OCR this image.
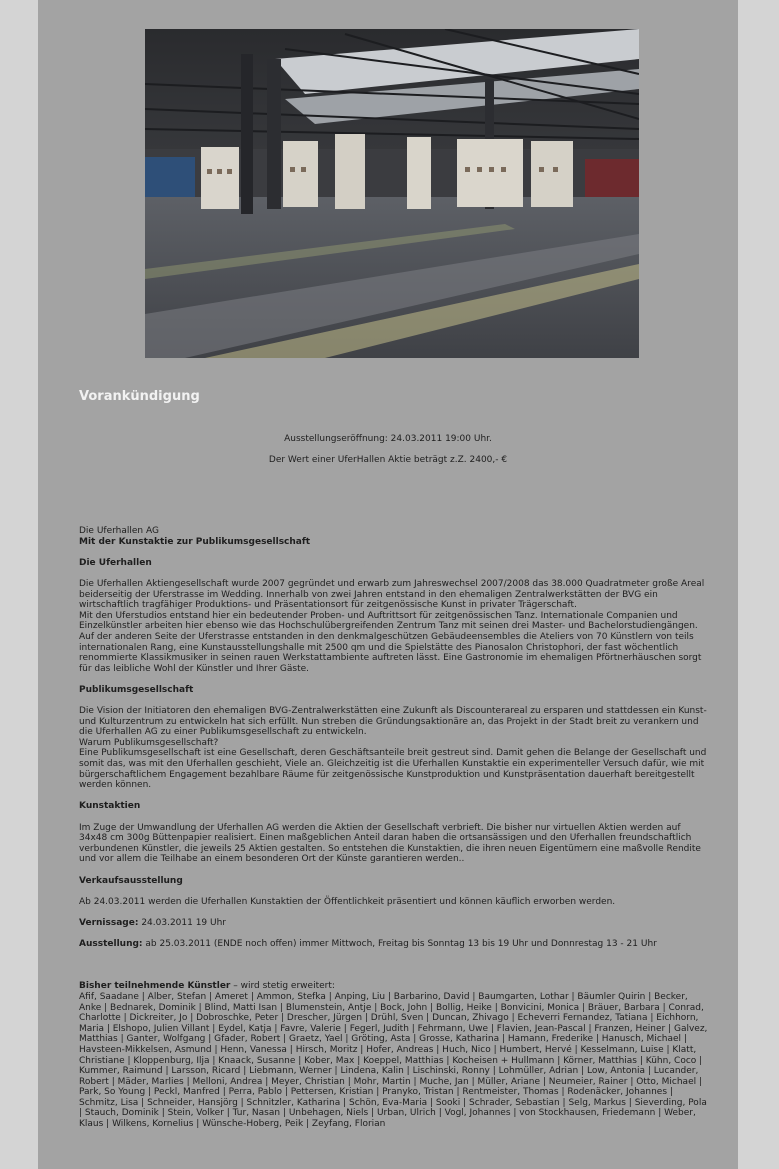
Vorankündigung

Ausstellungseröffnung: 24.03.2011 19:00 Uhr.

Der Wert einer UferHallen Aktie beträgt z.Z. 2400,- €

Die Uferhallen AG

Mit der Kunstaktie zur Publikumsgesellschaft

Die Uferhallen

Die Uferhallen Aktiengesellschaft wurde 2007 gegründet und erwarb zum Jahreswechsel 2007/2008 das 38.000 Quadratmeter große Areal beiderseitig der Uferstrasse im Wedding. Innerhalb von zwei Jahren entstand in den ehemaligen Zentralwerkstätten der BVG ein wirtschaftlich tragfähiger Produktions- und Präsentationsort für zeitgenössische Kunst in privater Trägerschaft.

Mit den Uferstudios entstand hier ein bedeutender Proben- und Auftrittsort für zeitgenössischen Tanz. Internationale Companien und Einzelkünstler arbeiten hier ebenso wie das Hochschulübergreifenden Zentrum Tanz mit seinen drei Master- und Bachelorstudiengängen.

Auf der anderen Seite der Uferstrasse entstanden in den denkmalgeschützen Gebäudeensembles die Ateliers von 70 Künstlern von teils internationalen Rang, eine Kunstausstellungshalle mit 2500 qm und die Spielstätte des Pianosalon Christophori, der fast wöchentlich renommierte Klassikmusiker in seinen rauen Werkstattambiente auftreten lässt. Eine Gastronomie im ehemaligen Pförtnerhäuschen sorgt für das leibliche Wohl der Künstler und Ihrer Gäste.

Publikumsgesellschaft

Die Vision der Initiatoren den ehemaligen BVG-Zentralwerkstätten eine Zukunft als Discounterareal zu ersparen und stattdessen ein Kunst- und Kulturzentrum zu entwickeln hat sich erfüllt. Nun streben die Gründungsaktionäre an, das Projekt in der Stadt breit zu verankern und die Uferhallen AG zu einer Publikumsgesellschaft zu entwickeln.

Warum Publikumsgesellschaft?

Eine Publikumsgesellschaft ist eine Gesellschaft, deren Geschäftsanteile breit gestreut sind. Damit gehen die Belange der Gesellschaft und somit das, was mit den Uferhallen geschieht, Viele an. Gleichzeitig ist die Uferhallen Kunstaktie ein experimenteller Versuch dafür, wie mit bürgerschaftlichem Engagement bezahlbare Räume für zeitgenössische Kunstproduktion und Kunstpräsentation dauerhaft bereitgestellt werden können.

Kunstaktien

Im Zuge der Umwandlung der Uferhallen AG werden die Aktien der Gesellschaft verbrieft. Die bisher nur virtuellen Aktien werden auf 34x48 cm 300g Büttenpapier realisiert. Einen maßgeblichen Anteil daran haben die ortsansässigen und den Uferhallen freundschaftlich verbundenen Künstler, die jeweils 25 Aktien gestalten. So entstehen die Kunstaktien, die ihren neuen Eigentümern eine maßvolle Rendite und vor allem die Teilhabe an einem besonderen Ort der Künste garantieren werden..

Verkaufsausstellung

Ab 24.03.2011 werden die Uferhallen Kunstaktien der Öffentlichkeit präsentiert und können käuflich erworben werden.

Vernissage: 24.03.2011 19 Uhr

Ausstellung: ab 25.03.2011 (ENDE noch offen) immer Mittwoch, Freitag bis Sonntag 13 bis 19 Uhr und Donnrestag 13 - 21 Uhr

Bisher teilnehmende Künstler – wird stetig erweitert:

Afif, Saadane | Alber, Stefan | Ameret | Ammon, Stefka | Anping, Liu | Barbarino, David | Baumgarten, Lothar | Bäumler Quirin | Becker, Anke | Bednarek, Dominik | Blind, Matti Isan | Blumenstein, Antje | Bock, John | Bollig, Heike | Bonvicini, Monica | Bräuer, Barbara | Conrad, Charlotte | Dickreiter, Jo | Dobroschke, Peter | Drescher, Jürgen | Drühl, Sven | Duncan, Zhivago | Echeverri Fernandez, Tatiana | Eichhorn, Maria | Elshopo, Julien Villant | Eydel, Katja | Favre, Valerie | Fegerl, Judith | Fehrmann, Uwe | Flavien, Jean-Pascal | Franzen, Heiner | Galvez, Matthias | Ganter, Wolfgang | Gfader, Robert | Graetz, Yael | Gröting, Asta | Grosse, Katharina | Hamann, Frederike | Hanusch, Michael | Havsteen-Mikkelsen, Asmund | Henn, Vanessa | Hirsch, Moritz | Hofer, Andreas | Huch, Nico | Humbert, Hervé | Kesselmann, Luise | Klatt, Christiane | Kloppenburg, Ilja | Knaack, Susanne | Kober, Max | Koeppel, Matthias | Kocheisen + Hullmann | Körner, Matthias | Kühn, Coco | Kummer, Raimund | Larsson, Ricard | Liebmann, Werner | Lindena, Kalin | Lischinski, Ronny | Lohmüller, Adrian | Low, Antonia | Lucander, Robert | Mäder, Marlies | Melloni, Andrea | Meyer, Christian | Mohr, Martin | Muche, Jan | Müller, Ariane | Neumeier, Rainer | Otto, Michael | Park, So Young | Peckl, Manfred | Perra, Pablo | Pettersen, Kristian | Pranyko, Tristan | Rentmeister, Thomas | Rodenäcker, Johannes | Schmitz, Lisa | Schneider, Hansjörg | Schnitzler, Katharina | Schön, Eva-Maria | Sooki | Schrader, Sebastian | Selg, Markus | Sieverding, Pola | Stauch, Dominik | Stein, Volker | Tur, Nasan | Unbehagen, Niels | Urban, Ulrich | Vogl, Johannes | von Stockhausen, Friedemann | Weber, Klaus | Wilkens, Kornelius | Wünsche-Hoberg, Peik | Zeyfang, Florian
